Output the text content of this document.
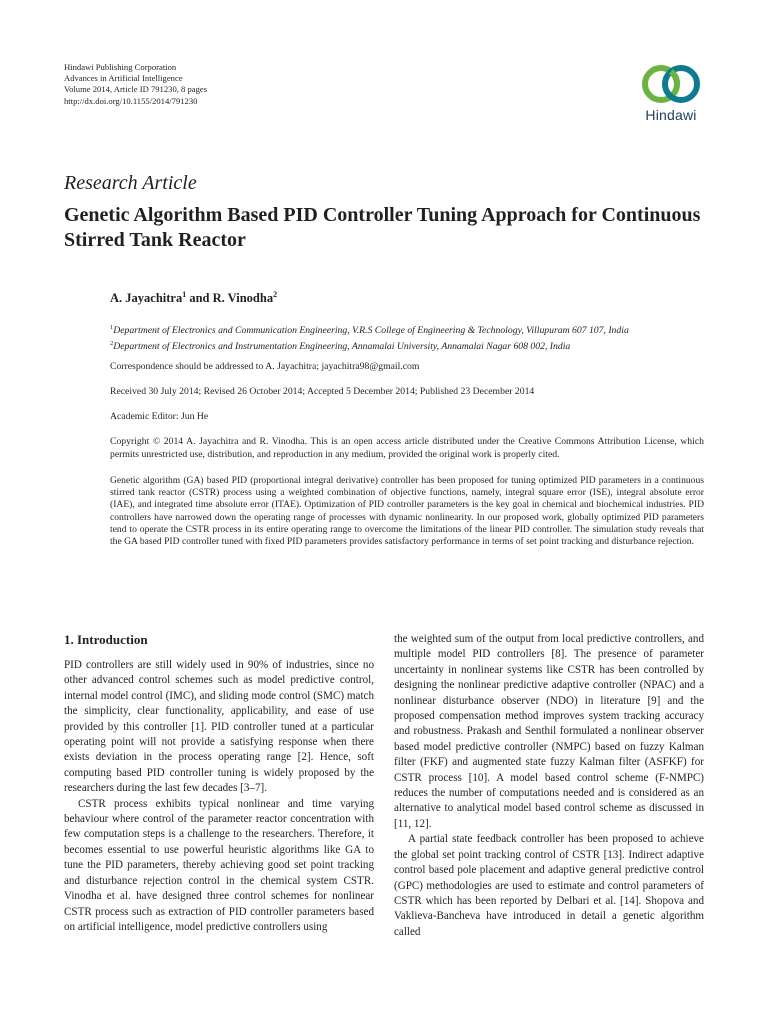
Hindawi Publishing Corporation
Advances in Artificial Intelligence
Volume 2014, Article ID 791230, 8 pages
http://dx.doi.org/10.1155/2014/791230
Hindawi
Research Article
Genetic Algorithm Based PID Controller Tuning Approach for Continuous Stirred Tank Reactor
A. Jayachitra$^1$ and R. Vinodha$^2$
$^1$Department of Electronics and Communication Engineering, V.R.S College of Engineering & Technology, Villupuram 607 107, India
$^2$Department of Electronics and Instrumentation Engineering, Annamalai University, Annamalai Nagar 608 002, India
Correspondence should be addressed to A. Jayachitra; jayachitra98@gmail.com
Received 30 July 2014; Revised 26 October 2014; Accepted 5 December 2014; Published 23 December 2014
Academic Editor: Jun He
Copyright © 2014 A. Jayachitra and R. Vinodha. This is an open access article distributed under the Creative Commons Attribution License, which permits unrestricted use, distribution, and reproduction in any medium, provided the original work is properly cited.
Genetic algorithm (GA) based PID (proportional integral derivative) controller has been proposed for tuning optimized PID parameters in a continuous stirred tank reactor (CSTR) process using a weighted combination of objective functions, namely, integral square error (ISE), integral absolute error (IAE), and integrated time absolute error (ITAE). Optimization of PID controller parameters is the key goal in chemical and biochemical industries. PID controllers have narrowed down the operating range of processes with dynamic nonlinearity. In our proposed work, globally optimized PID parameters tend to operate the CSTR process in its entire operating range to overcome the limitations of the linear PID controller. The simulation study reveals that the GA based PID controller tuned with fixed PID parameters provides satisfactory performance in terms of set point tracking and disturbance rejection.
1. Introduction

PID controllers are still widely used in 90% of industries, since no other advanced control schemes such as model predictive control, internal model control (IMC), and sliding mode control (SMC) match the simplicity, clear functionality, applicability, and ease of use provided by this controller [1]. PID controller tuned at a particular operating point will not provide a satisfying response when there exists deviation in the process operating range [2]. Hence, soft computing based PID controller tuning is widely proposed by the researchers during the last few decades [3–7].

CSTR process exhibits typical nonlinear and time varying behaviour where control of the parameter reactor concentration with few computation steps is a challenge to the researchers. Therefore, it becomes essential to use powerful heuristic algorithms like GA to tune the PID parameters, thereby achieving good set point tracking and disturbance rejection control in the chemical system CSTR. Vinodha et al. have designed three control schemes for nonlinear CSTR process such as extraction of PID controller parameters based on artificial intelligence, model predictive controllers using

the weighted sum of the output from local predictive controllers, and multiple model PID controllers [8]. The presence of parameter uncertainty in nonlinear systems like CSTR has been controlled by designing the nonlinear predictive adaptive controller (NPAC) and a nonlinear disturbance observer (NDO) in literature [9] and the proposed compensation method improves system tracking accuracy and robustness. Prakash and Senthil formulated a nonlinear observer based model predictive controller (NMPC) based on fuzzy Kalman filter (FKF) and augmented state fuzzy Kalman filter (ASFKF) for CSTR process [10]. A model based control scheme (F-NMPC) reduces the number of computations needed and is considered as an alternative to analytical model based control scheme as discussed in [11, 12].

A partial state feedback controller has been proposed to achieve the global set point tracking control of CSTR [13]. Indirect adaptive control based pole placement and adaptive general predictive control (GPC) methodologies are used to estimate and control parameters of CSTR which has been reported by Delbari et al. [14]. Shopova and Vaklieva-Bancheva have introduced in detail a genetic algorithm called
